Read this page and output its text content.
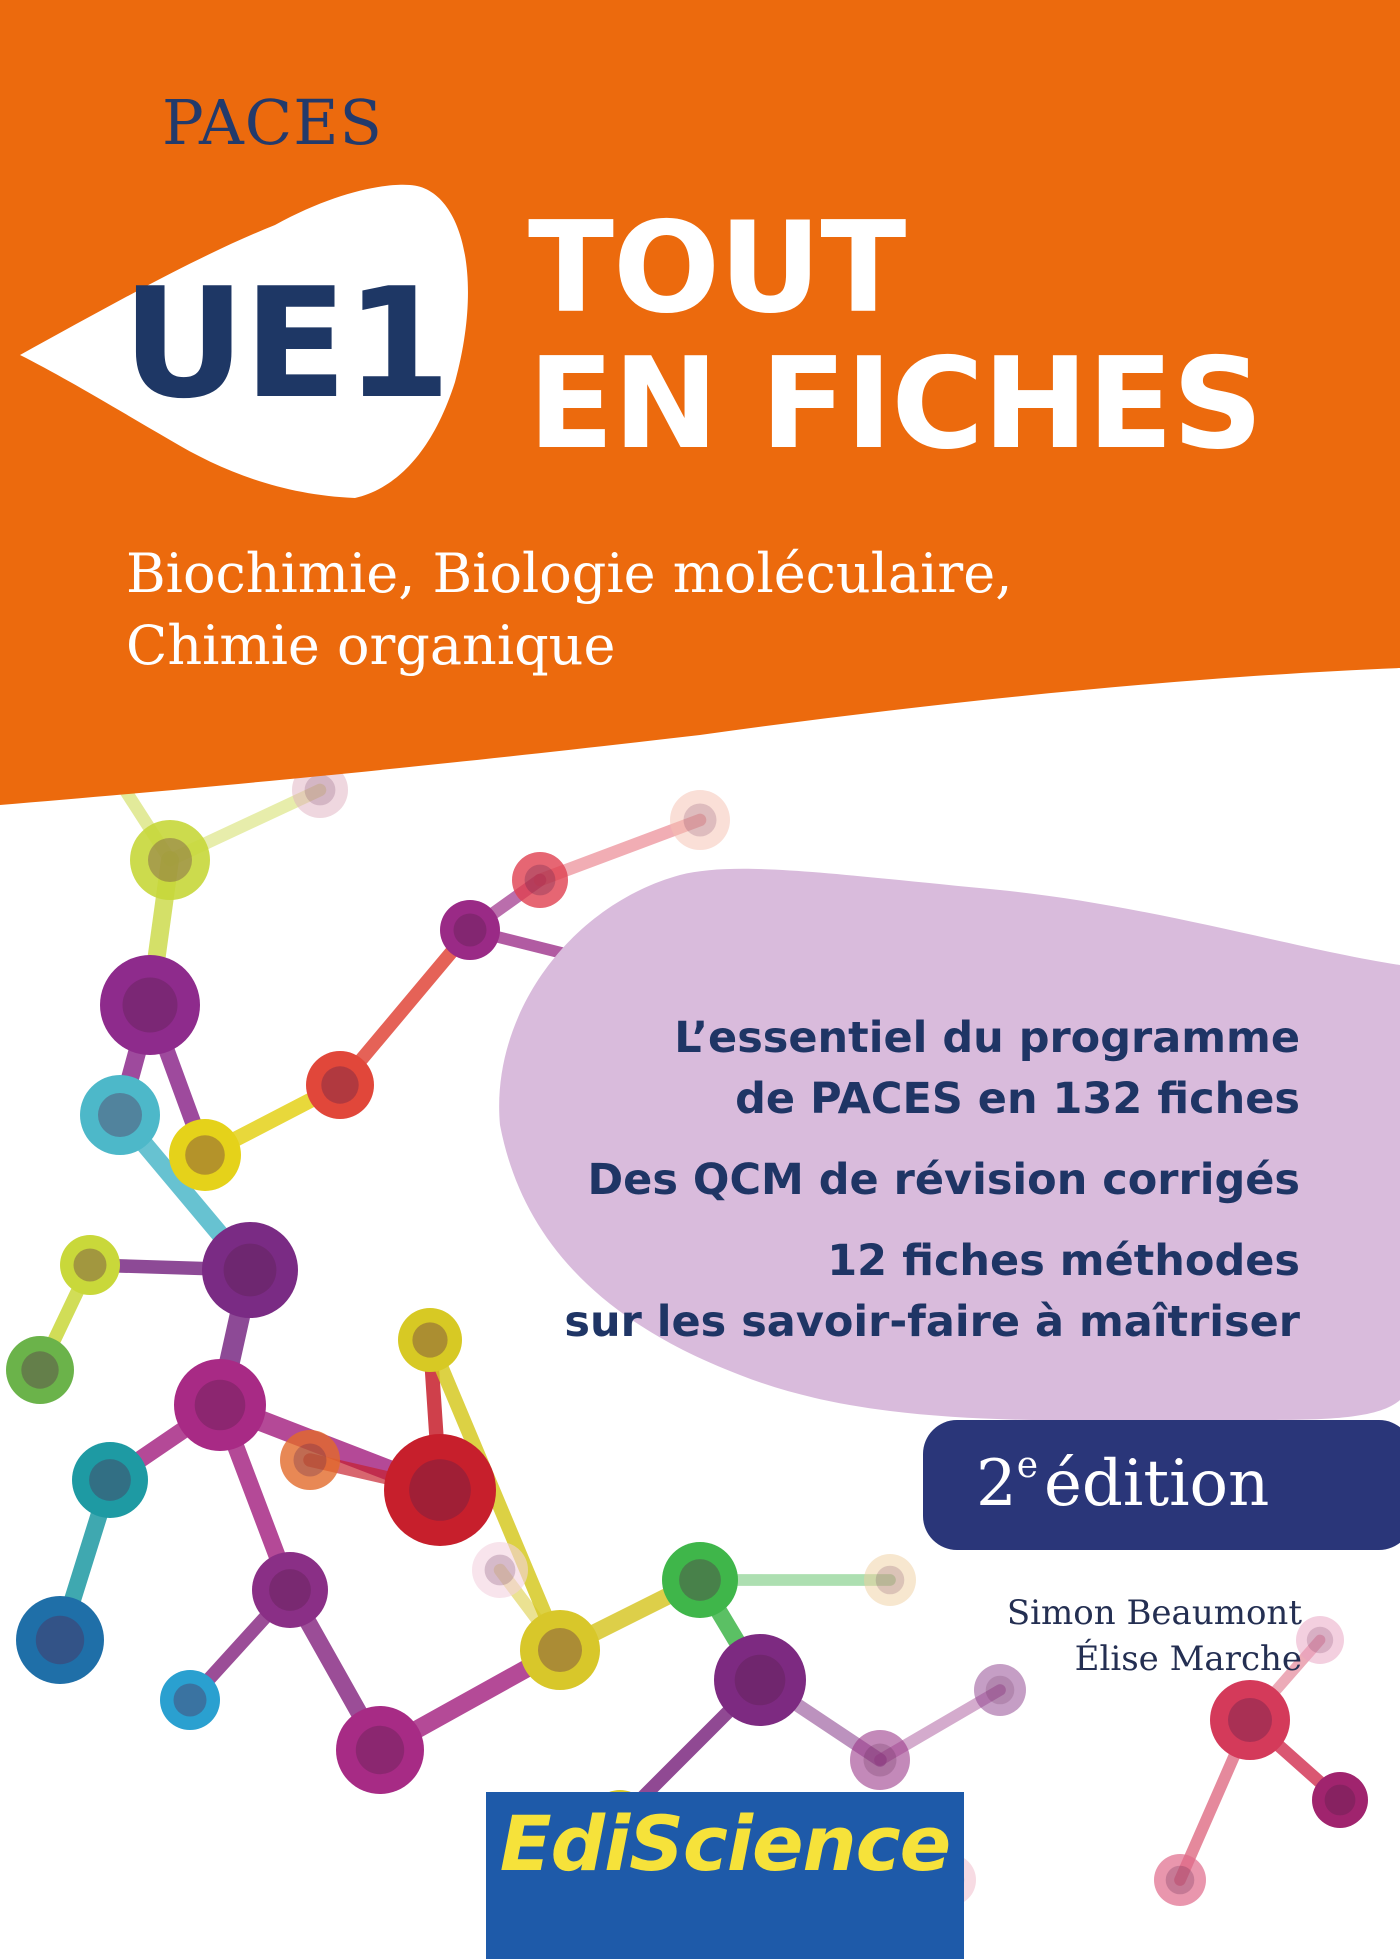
PACES
UE1 TOUT
EN FICHES
Biochimie, Biologie moléculaire,
Chimie organique
L’essentiel du programme
de PACES en 132 fiches
Des QCM de révision corrigés
12 fiches méthodes
sur les savoir-faire à maîtriser
2eédition
Simon Beaumont
Élise Marche
EdiScience
